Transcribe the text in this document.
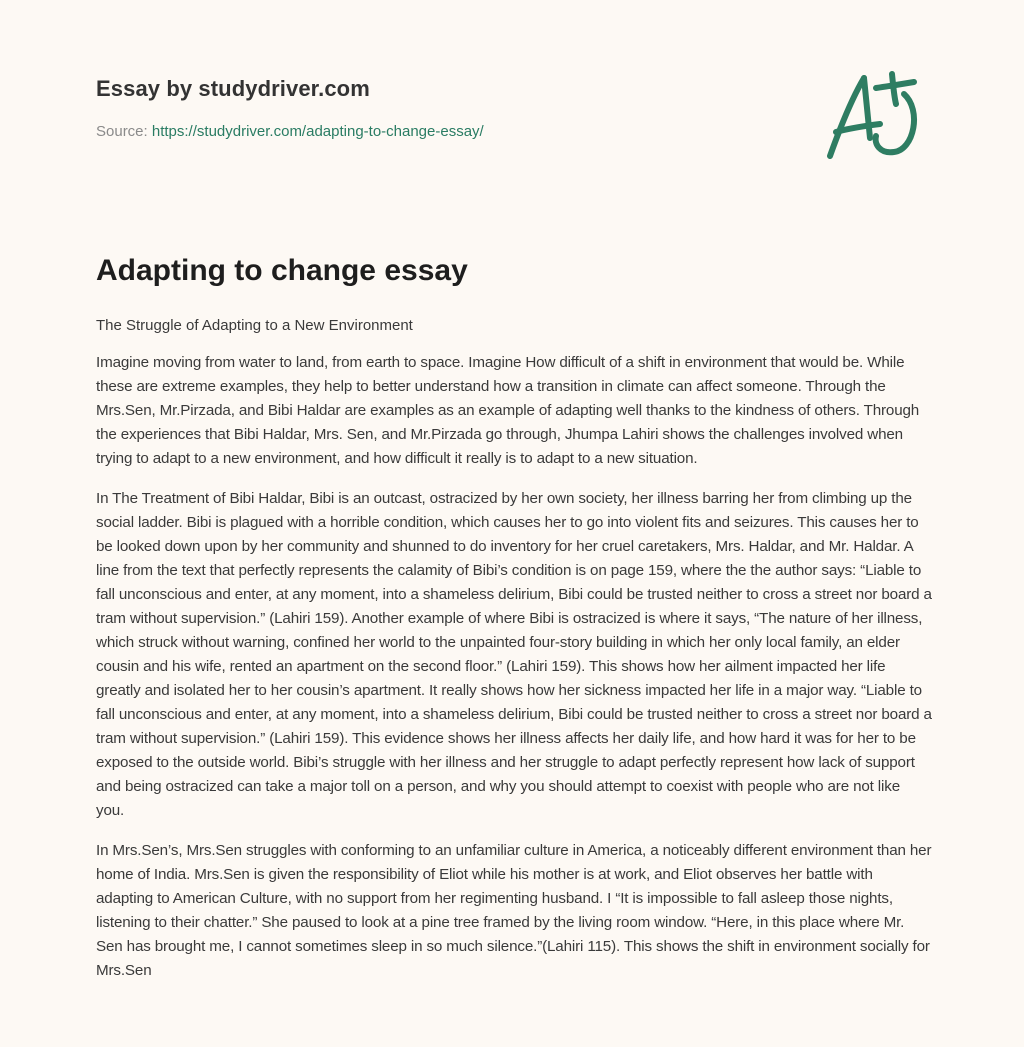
Essay by studydriver.com
Source: https://studydriver.com/adapting-to-change-essay/
Adapting to change essay

The Struggle of Adapting to a New Environment

Imagine moving from water to land, from earth to space. Imagine How difficult of a shift in environment that would be. While these are extreme examples, they help to better understand how a transition in climate can affect someone. Through the Mrs.Sen, Mr.Pirzada, and Bibi Haldar are examples as an example of adapting well thanks to the kindness of others. Through the experiences that Bibi Haldar, Mrs. Sen, and Mr.Pirzada go through, Jhumpa Lahiri shows the challenges involved when trying to adapt to a new environment, and how difficult it really is to adapt to a new situation.

In The Treatment of Bibi Haldar, Bibi is an outcast, ostracized by her own society, her illness barring her from climbing up the social ladder. Bibi is plagued with a horrible condition, which causes her to go into violent fits and seizures. This causes her to be looked down upon by her community and shunned to do inventory for her cruel caretakers, Mrs. Haldar, and Mr. Haldar. A line from the text that perfectly represents the calamity of Bibi’s condition is on page 159, where the the author says: “Liable to fall unconscious and enter, at any moment, into a shameless delirium, Bibi could be trusted neither to cross a street nor board a tram without supervision.” (Lahiri 159). Another example of where Bibi is ostracized is where it says, “The nature of her illness, which struck without warning, confined her world to the unpainted four-story building in which her only local family, an elder cousin and his wife, rented an apartment on the second floor.” (Lahiri 159). This shows how her ailment impacted her life greatly and isolated her to her cousin’s apartment. It really shows how her sickness impacted her life in a major way. “Liable to fall unconscious and enter, at any moment, into a shameless delirium, Bibi could be trusted neither to cross a street nor board a tram without supervision.” (Lahiri 159). This evidence shows her illness affects her daily life, and how hard it was for her to be exposed to the outside world. Bibi’s struggle with her illness and her struggle to adapt perfectly represent how lack of support and being ostracized can take a major toll on a person, and why you should attempt to coexist with people who are not like you.

In Mrs.Sen’s, Mrs.Sen struggles with conforming to an unfamiliar culture in America, a noticeably different environment than her home of India. Mrs.Sen is given the responsibility of Eliot while his mother is at work, and Eliot observes her battle with adapting to American Culture, with no support from her regimenting husband. I “It is impossible to fall asleep those nights, listening to their chatter.” She paused to look at a pine tree framed by the living room window. “Here, in this place where Mr. Sen has brought me, I cannot sometimes sleep in so much silence.”(Lahiri 115). This shows the shift in environment socially for Mrs.Sen
